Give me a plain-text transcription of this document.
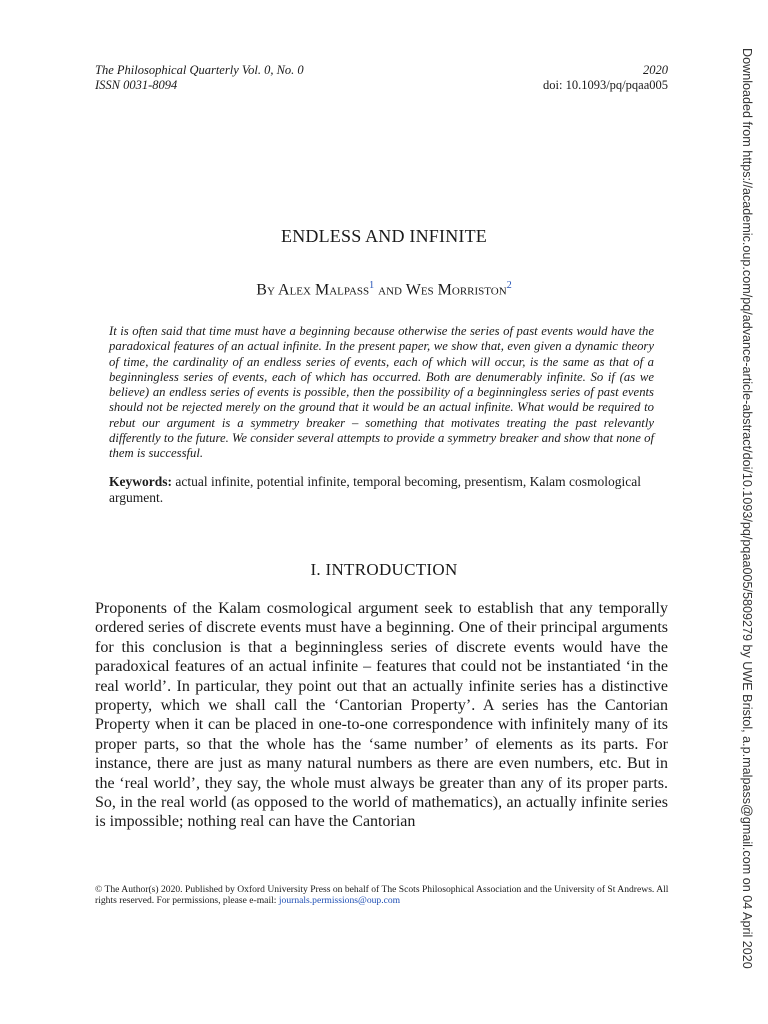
The Philosophical Quarterly Vol. 0, No. 0
ISSN 0031-8094
2020
doi: 10.1093/pq/pqaa005
ENDLESS AND INFINITE
By Alex Malpass$^1$ and Wes Morriston$^2$

It is often said that time must have a beginning because otherwise the series of past events would have the paradoxical features of an actual infinite. In the present paper, we show that, even given a dynamic theory of time, the cardinality of an endless series of events, each of which will occur, is the same as that of a beginningless series of events, each of which has occurred. Both are denumerably infinite. So if (as we believe) an endless series of events is possible, then the possibility of a beginningless series of past events should not be rejected merely on the ground that it would be an actual infinite. What would be required to rebut our argument is a symmetry breaker – something that motivates treating the past relevantly differently to the future. We consider several attempts to provide a symmetry breaker and show that none of them is successful.

Keywords: actual infinite, potential infinite, temporal becoming, presentism, Kalam cosmological argument.

I. INTRODUCTION

Proponents of the Kalam cosmological argument seek to establish that any temporally ordered series of discrete events must have a beginning. One of their principal arguments for this conclusion is that a beginningless series of discrete events would have the paradoxical features of an actual infinite – features that could not be instantiated ‘in the real world’. In particular, they point out that an actually infinite series has a distinctive property, which we shall call the ‘Cantorian Property’. A series has the Cantorian Property when it can be placed in one-to-one correspondence with infinitely many of its proper parts, so that the whole has the ‘same number’ of elements as its parts. For instance, there are just as many natural numbers as there are even numbers, etc. But in the ‘real world’, they say, the whole must always be greater than any of its proper parts. So, in the real world (as opposed to the world of mathematics), an actually infinite series is impossible; nothing real can have the Cantorian

© The Author(s) 2020. Published by Oxford University Press on behalf of The Scots Philosophical Association and the University of St Andrews. All rights reserved. For permissions, please e-mail: journals.permissions@oup.com	Downloaded from https://academic.oup.com/pq/advance-article-abstract/doi/10.1093/pq/pqaa005/5809279 by UWE Bristol, a.p.malpass@gmail.com on 04 April 2020
